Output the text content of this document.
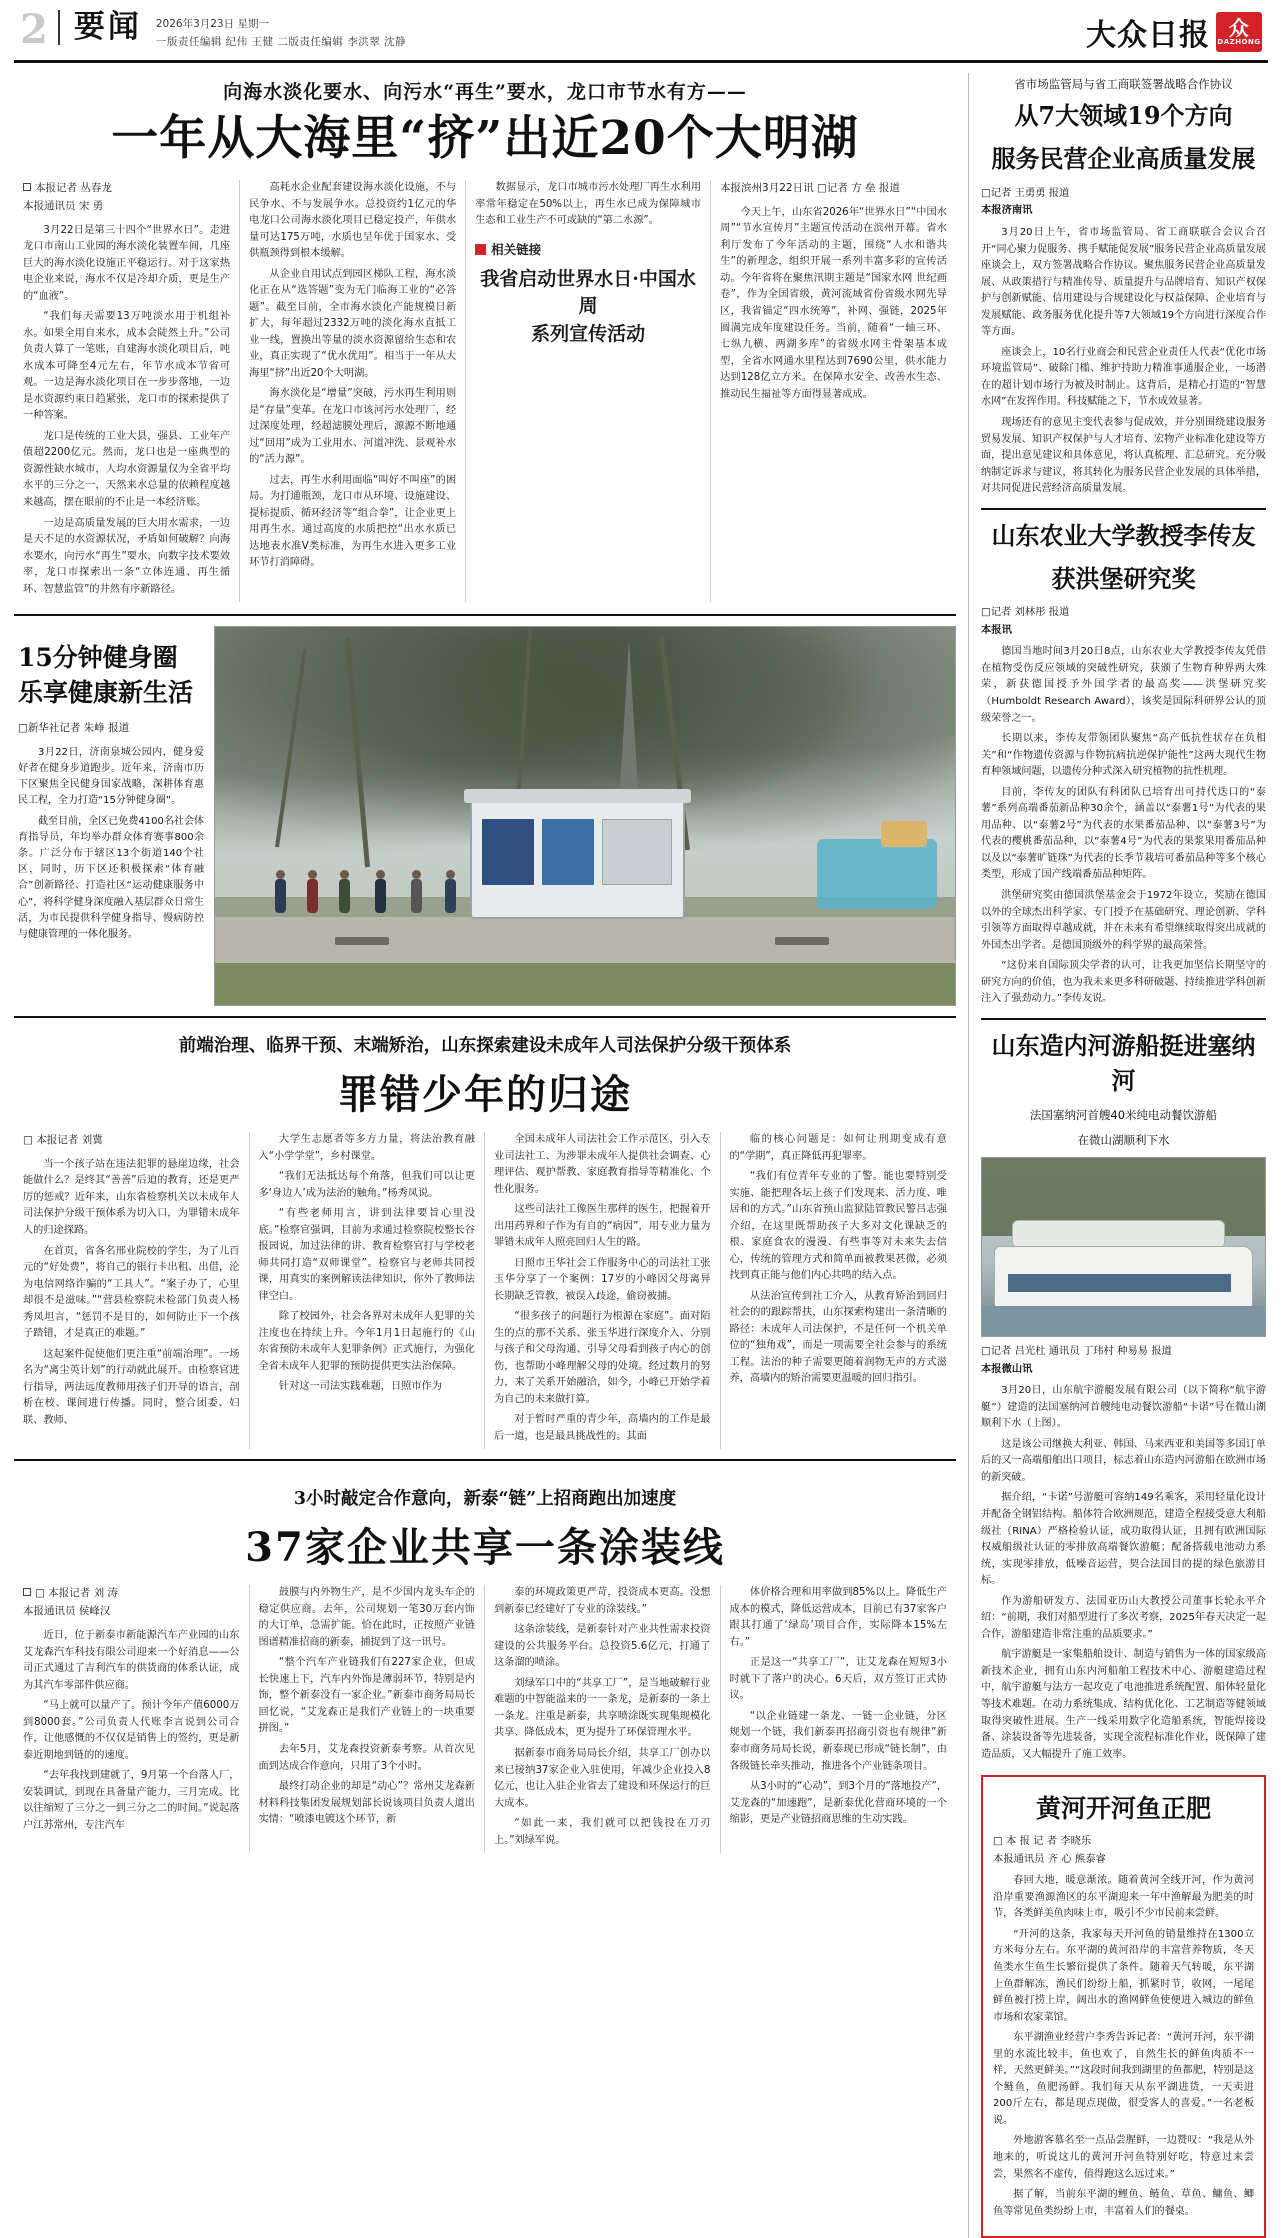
2 要闻	2026年3月23日 星期一
一版责任编辑 纪伟 王健 二版责任编辑 李洪翠 沈静	大众日报 众
DAZHONG
向海水淡化要水、向污水“再生”要水，龙口市节水有方——
一年从大海里“挤”出近20个大明湖
本报记者 丛春龙
本报通讯员 宋 勇

3月22日是第三十四个“世界水日”。走进龙口市南山工业园的海水淡化装置车间，几座巨大的海水淡化设施正平稳运行。对于这家热电企业来说，海水不仅是冷却介质，更是生产的“血液”。

“我们每天需要13万吨淡水用于机组补水。如果全用自来水，成本会陡然上升。”公司负责人算了一笔账，自建海水淡化项目后，吨水成本可降至4元左右，年节水成本节省可观。一边是海水淡化项目在一步步落地，一边是水资源约束日趋紧张，龙口市的探索提供了一种答案。

龙口是传统的工业大县，强县、工业年产值超2200亿元。然而，龙口也是一座典型的资源性缺水城市，人均水资源量仅为全省平均水平的三分之一，天然来水总量的依赖程度越来越高，摆在眼前的不止是一本经济账。

一边是高质量发展的巨大用水需求，一边是天不足的水资源状况，矛盾如何破解？向海水要水，向污水“再生”要水，向数字技术要效率，龙口市探索出一条“立体连通、再生循环、智慧监管”的井然有序新路径。

高耗水企业配套建设海水淡化设施，不与民争水、不与发展争水。总投资约1亿元的华电龙口公司海水淡化项目已稳定投产，年供水量可达175万吨，水质也呈年优于国家水、受供瓶颈得到根本缓解。

从企业自用试点到园区梯队工程，海水淡化正在从“选答题”变为无门临海工业的“必答题”。截至目前，全市海水淡化产能规模日新扩大，每年超过2332万吨的淡化海水直抵工业一线，置换出等量的淡水资源留给生态和农业，真正实现了“优水优用”。相当于一年从大海里“挤”出近20个大明湖。

海水淡化是“增量”突破，污水再生利用则是“存量”变革。在龙口市该河污水处理厂，经过深度处理，经超滤膜处理后，源源不断地通过“回用”成为工业用水、河道冲洗、景观补水的“活力源”。

过去，再生水利用面临“叫好不叫座”的困局。为打通瓶颈，龙口市从环境、设施建设、提标提质、循环经济等“组合拳”，让企业更上用再生水。通过高度的水质把控“出水水质已达地表水准V类标准，为再生水进入更多工业环节打消障碍。

数据显示，龙口市城市污水处理厂再生水利用率常年稳定在50%以上，再生水已成为保障城市生态和工业生产不可或缺的“第二水源”。

相关链接
我省启动世界水日·中国水周
系列宣传活动
本报滨州3月22日讯 □记者 方 垒 报道

今天上午，山东省2026年“世界水日”“中国水周”“节水宣传月”主题宣传活动在滨州开幕。省水利厅发布了今年活动的主题，围绕“人水和谐共生”的新理念，组织开展一系列丰富多彩的宣传活动。今年省将在聚焦汛期主题是“国家水网 世纪画卷”，作为全国省级，黄河流域省份省级水网先导区，我省锚定“四水统筹”，补网、强链，2025年圆满完成年度建设任务。当前，随着“一轴三环、七纵九横、两湖多库”的省级水网主骨架基本成型，全省水网通水里程达到7690公里，供水能力达到128亿立方米。在保障水安全、改善水生态、推动民生福祉等方面得显著成成。

15分钟健身圈
乐享健康新生活
□新华社记者 朱峥 报道

3月22日，济南泉城公园内，健身爱好者在健身步道跑步。近年来，济南市历下区聚焦全民健身国家战略，深耕体育惠民工程，全力打造“15分钟健身圈”。

截至目前，全区已免费4100名社会体育指导员，年均举办群众体育赛事800余条。广泛分布于辖区13个街道140个社区，同时，历下区还积极探索“体育融合”创新路径、打造社区“运动健康服务中心”，将科学健身深度融入基层群众日常生活，为市民提供科学健身指导、慢病防控与健康管理的一体化服务。

前端治理、临界干预、末端矫治，山东探索建设未成年人司法保护分级干预体系
罪错少年的归途
□ 本报记者 刘冀

当一个孩子站在违法犯罪的悬崖边缘，社会能做什么？是终其“善善”后迫的教育，还是更严厉的惩戒？近年来，山东省检察机关以未成年人司法保护分级干预体系为切入口，为罪错未成年人的归途探路。

在首页，省各名邢业院校的学生，为了儿百元的“好处费”，将自己的银行卡出租、出借，沦为电信网络诈骗的“工具人”。“案子办了，心里却很不是滋味。”“营县检察院未检部门负责人杨秀凤坦言，“惩罚不是目的，如何防止下一个孩子踏错，才是真正的难题。”

这起案件促使他们更注重“前端治理”。一场名为“离尘英计划”的行动就此展开。由检察官进行指导，两法远度教师用孩子们开导的语言，剖析在校、课间进行传播。同时，整合团委、妇联、教师、

大学生志愿者等多方力量，将法治教育融入“小学学堂”，乡村课堂。

“我们无法抵达每个角落，但我们可以让更多‘身边人’成为法治的触角。”杨秀凤说。

“有些老师用言，讲到法律要旨心里没底。”检察官强调，目前为求通过检察院校整长谷报园说，加过法律的讲、教育检察官打与学校老师共同打造“双师课堂”。检察官与老师共同授课，用真实的案例解读法律知识，你外了教师法律空白。

除了校园外，社会各界对未成年人犯罪的关注度也在持续上升。今年1月1日起施行的《山东省预防未成年人犯罪条例》正式施行，为强化全省未成年人犯罪的预防提供更实法治保障。

针对这一司法实践难题，日照市作为

全国未成年人司法社会工作示范区，引入专业司法社工、为涉罪未成年人提供社会调查、心理评估、观护帮教、家庭教育指导等精准化、个性化服务。

这些司法社工像医生那样的医生，把握着开出用药界和子作为有自的“病因”，用专业力量为罪错未成年人照亮回归人生的路。

日照市王华社会工作服务中心的司法社工张玉华分享了一个案例：17岁的小峰因父母离异长期缺乏管教，被误入歧途，偷窃被捕。

“很多孩子的问题行为根源在家庭”。面对陌生的点的那不关系、张玉华进行深度介入、分别与孩子和父母沟通、引导父母看到孩子内心的创伤，也帮助小峰理解父母的处境。经过数月的努力，来了关系开始融洽，如今，小峰已开始学着为自己的未来做打算。

对于暂时严重的青少年，高墙内的工作是最后一道，也是最具挑战性的。其面

临的核心问题是：如何让刑期变成有意的“学期”，真正降低再犯罪率。

“我们有位青年专业的了警。能也要特别受实施、能把理各坛上孩子们发现来、活力度、唯居和的方式。”山东省预山监狱陆管教民警吕志强介绍，在这里既帮助孩子大多对文化课缺乏的根、家庭食农的漫漫、有些事等对未来失去信心，传统的管理方式和简单面被教果甚微，必须找到真正能与他们内心共鸣的结入点。

从法治宣传到社工介入，从教育矫治到回归社会的的跟踪帮扶，山东探索构建出一条清晰的路径：未成年人司法保护，不是任何一个机关单位的“独角戏”，而是一项需要全社会参与的系统工程。法治的种子需要更随着润物无声的方式滋养，高墙内的矫治需要更温暖的回归指引。

3小时敲定合作意向，新泰“链”上招商跑出加速度
37家企业共享一条涂装线
□ 本报记者 刘 涛
本报通讯员 侯峰汉

近日，位于新泰市新能源汽车产业园的山东艾龙森汽车科技有限公司迎来一个好消息——公司正式通过了吉利汽车的供货商的体系认证，成为其汽车零部件供应商。

“马上就可以量产了。预计今年产值6000万到8000套。”公司负责人代账李言说到公司合作，让他感慨的不仅仅是销售上的签约，更是新泰近期地到链的的速度。

“去年我找到建就了，9月第一个台落人厂，安装调试，到现在具备量产能力，三月完成。比以往缩短了三分之一到三分之二的时间。”说起落户江苏常州，专注汽车

鼓膜与内外物生产，是不少国内龙头车企的稳定供应商。去年，公司规划一笔30万套内饰的大订单，急需扩能。恰在此时，正按照产业链图谱精准招商的新泰，捕捉到了这一讯号。

“整个汽车产业链我们有227家企业，但成长快速上下，汽车内外饰是薄弱环节，特别是内饰，整个新泰没有一家企业。”新泰市商务局局长回忆说，“艾龙森正是我们产业链上的一块重要拼图。”

去年5月，艾龙森投资新泰考察。从首次见面到达成合作意向，只用了3个小时。

最终打动企业的却是“动心”？常州艾龙森新材料科技集团发展规划部长说该项目负责人道出实情：“喷漆电镀这个环节，新

泰的环境政策更严苛，投资成本更高。没想到新泰已经建好了专业的涂装线。”

这条涂装线，是新泰针对产业共性需求投资建设的公共服务平台。总投资5.6亿元，打通了这条溜的喷涂。

刘绿军口中的“共享工厂”，是当地破解行业难题的中智能溢来的一一条龙，是新泰的一条上一条龙。注重是新泰，共享喷涂既实现集规模化共享、降低成本，更为提升了环保管理水平。

据新泰市商务局局长介绍，共享工厂创办以来已接纳37家企业入驻使用，年减少企业投入8亿元，也让入驻企业省去了建设和环保运行的巨大成本。

“如此一来，我们就可以把钱投在刀刃上。”刘绿军说。

体价格合理和用率做到85%以上。降低生产成本的模式，降低运营成本，目前已有37家客户跟其打通了‘绿岛’项目合作，实际降本15%左右。”

正是这一“共享工厂”，让艾龙森在短短3小时就下了落户的决心。6天后，双方签订正式协议。

“以企业链建一条龙、一链一企业链，分区规划一个链，我们新泰再招商引资也有规律”新泰市商务局局长说，新泰现已形成“链长制”，由各级链长牵头推动，推进各个产业链条项目。

从3小时的“心动”，到3个月的“落地投产”，艾龙森的“加速跑”，是新泰优化营商环境的一个缩影，更是产业链招商思维的生动实践。

省市场监管局与省工商联签署战略合作协议
从7大领域19个方向
服务民营企业高质量发展
□记者 王勇勇 报道
本报济南讯

3月20日上午，省市场监管局、省工商联联合会议合召开“同心聚力促服务、携手赋能促发展”服务民营企业高质量发展座谈会上，双方签署战略合作协议。聚焦服务民营企业高质量发展、从政策措行与精准传导、质量提升与品牌培育、知识产权保护与创新赋能、信用建设与合规建设化与权益保障、企业培育与发展赋能、政务服务优化提升等7大领域19个方向进行深度合作等方面。

座谈会上，10名行业商会和民营企业责任人代表“优化市场环境监管局”、破除门槛、维护持助力精准事通服企业，一场潜在的超计划市场行为被及时制止。这背后，是精心打造的“智慧水网”在发挥作用。科技赋能之下，节水成效显著。

现场还有的意见主变代表参与促成效，并分别围绕建设服务贸易发展、知识产权保护与人才培育、宏物产业标准化建设等方面，提出意见建议和具体意见，将认真梳理、汇总研究。充分吸纳制定诉求与建议，将其转化为服务民营企业发展的具体举措，对共同促进民营经济高质量发展。

山东农业大学教授李传友
获洪堡研究奖
□记者 刘林彤 报道
本报讯

德国当地时间3月20日8点，山东农业大学教授李传友凭借在植物受伤反应领域的突破性研究，获颁了生物育种界两大殊荣，新获德国授予外国学者的最高奖——洪堡研究奖（Humboldt Research Award），该奖是国际科研界公认的顶级荣誉之一。

长期以来，李传友带领团队聚焦“高产低抗性状存在负相关”和“作物遗传资源与作物抗病抗逆保护能性”这两大现代生物育种领域问题，以遗传分种式深入研究植物的抗性机理。

目前，李传友的团队有科团队已培育出可持代迭口的“泰薯”系列高端番茄新品种30余个，涵盖以“泰薯1号”为代表的果用品种、以“泰薯2号”为代表的水果番茄品种、以“泰薯3号”为代表的樱桃番茄品种，以“泰薯4号”为代表的果浆果用番茄品种以及以“泰薯旷链珠”为代表的长季节栽培可番茄品种等多个核心类型，形成了国产线端番茄品种矩阵。

洪堡研究奖由德国洪堡基金会于1972年设立，奖励在德国以外的全球杰出科学家、专门授予在基础研究、理论创新、学科引领等方面取得卓越成就，并在未来有希望继续取得突出成就的外国杰出学者。是德国顶级外的科学界的最高荣誉。

“这份来自国际顶尖学者的认可，让我更加坚信长期坚守的研究方向的价值，也为我未来更多科研破题、持续推进学科创新注入了强劲动力。”李传友说。

山东造内河游船挺进塞纳河
法国塞纳河首艘40米纯电动餐饮游船
在微山湖顺利下水
□记者 吕光杜 通讯员 丁玮村 种易易 报道
本报微山讯

3月20日，山东航宇游艇发展有限公司（以下简称“航宇游艇”）建造的法国塞纳河首艘纯电动餐饮游船“卡诺”号在微山湖顺利下水（上图）。

这是该公司继换大利亚、韩国、马来西亚和美国等多国订单后的又一高端船舶出口项目，标志着山东造内河游船在欧洲市场的新突破。

据介绍，“卡诺”号游艇可容纳149名乘客，采用轻量化设计并配备全钢铝结构。船体符合欧洲规范，建造全程接受意大利船级社（RINA）严格检验认证，成功取得认证，且拥有欧洲国际权威船级社认证的零排放高端餐饮游艇；配备搭载电池动力系统，实现零排放，低噪音运营，契合法国目的提的绿色旅游目标。

作为游船研发方、法国亚历山大教授公司董事长轮永平介绍：“前期，我们对船型进行了多次考察，2025年春天决定一起合作，游船建造非常注重的品质要求。”

航宇游艇是一家集船舶设计、制造与销售为一体的国家级高新技术企业，拥有山东内河船舶工程技术中心、游艇建造过程中，航宇游艇与法方一起攻克了电池推进系统配置、船体轻量化等技术难题。在动力系统集成、结构优化化、工艺制造等健领域取得突破性进展。生产一线采用数字化造船系统，智能焊接设备、涂装设备等先进装备，实现全流程标准化作业，既保障了建造品质，又大幅提升了施工效率。

黄河开河鱼正肥
□ 本 报 记 者 李晓乐
本报通讯员 齐 心 熊泰睿

春回大地，暖意渐浓。随着黄河全线开河，作为黄河沿岸重要渔源渔区的东平湖迎来一年中渔解最为肥美的时节，各类鲜美鱼肉味上市，吸引不少市民前来尝鲜。

“开河的这条，我家每天开河鱼的销量维持在1300立方米每分左右。东平湖的黄河沿岸的丰富营养物质，冬天鱼类水生鱼生长繁衍提供了条件。随着天气转暖，东平湖上鱼群解冻，渔民们纷纷上船，抓紧时节，收网，一尾尾鲜鱼被打捞上岸，阔出水的渔网鲜鱼使便进入城边的鲜鱼市场和农家菜馆。

东平湖渔业经营户李秀告诉记者：“黄河开河，东平湖里的水流比较丰，鱼也欢了，自然生长的鲜鱼肉质不一样，天然更鲜美。”“这段时间我到湖里的鱼都肥，特别是这个鲢鱼，鱼肥汤鲜。我们每天从东平湖进货，一天卖进200斤左右，都是现点现做，很受客人的喜爱。”一名老板说。

外地游客慕名至一点品尝腥鲜，一边赞叹：“我是从外地来的，听说这儿的黄河开河鱼特别好吃，特意过来尝尝，果然名不虚传，值得跑这么远过来。”

据了解，当前东平湖的鲤鱼、鲢鱼、草鱼、鳙鱼、鲫鱼等常见鱼类纷纷上市，丰富着人们的餐桌。
